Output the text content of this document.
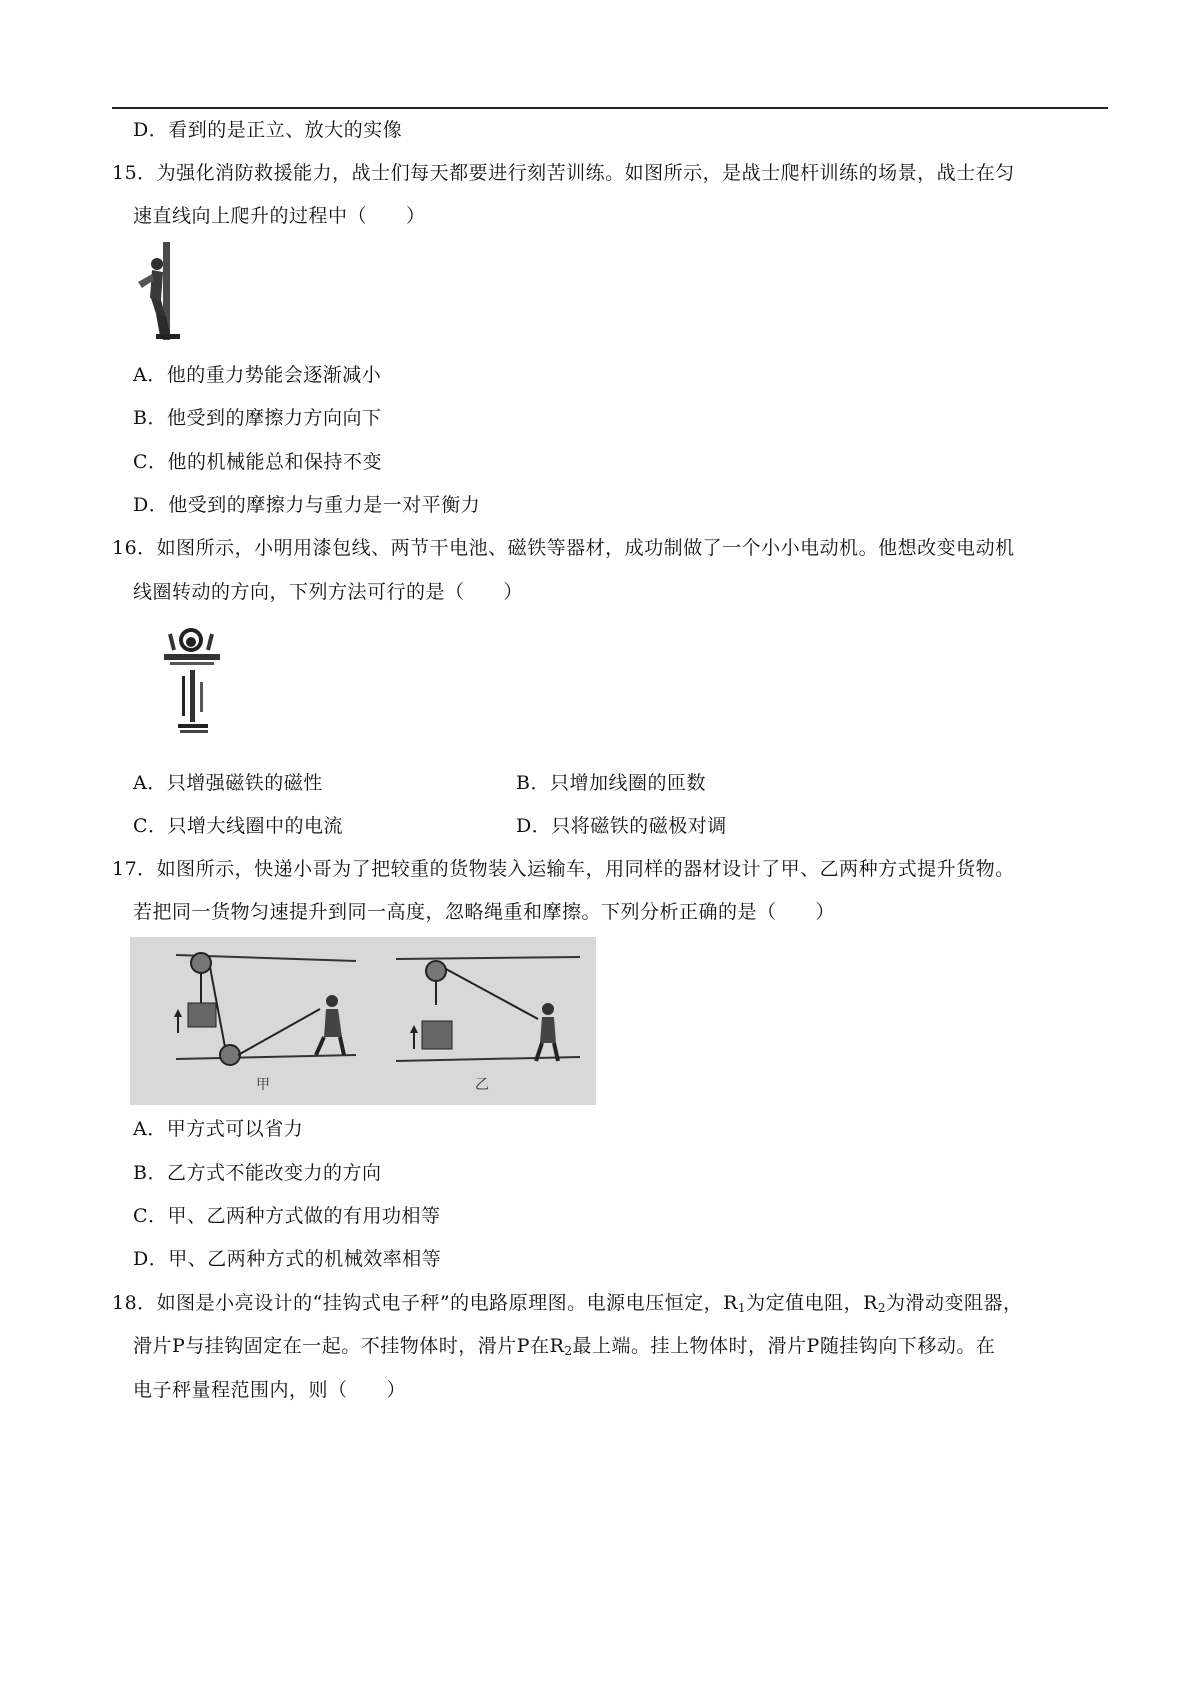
D．看到的是正立、放大的实像
15．为强化消防救援能力，战士们每天都要进行刻苦训练。如图所示，是战士爬杆训练的场景，战士在匀
速直线向上爬升的过程中（　　）
A．他的重力势能会逐渐减小
B．他受到的摩擦力方向向下
C．他的机械能总和保持不变
D．他受到的摩擦力与重力是一对平衡力
16．如图所示，小明用漆包线、两节干电池、磁铁等器材，成功制做了一个小小电动机。他想改变电动机
线圈转动的方向，下列方法可行的是（　　）
A．只增强磁铁的磁性	B．只增加线圈的匝数
C．只增大线圈中的电流	D．只将磁铁的磁极对调
17．如图所示，快递小哥为了把较重的货物装入运输车，用同样的器材设计了甲、乙两种方式提升货物。
若把同一货物匀速提升到同一高度，忽略绳重和摩擦。下列分析正确的是（　　）
甲	乙
A．甲方式可以省力
B．乙方式不能改变力的方向
C．甲、乙两种方式做的有用功相等
D．甲、乙两种方式的机械效率相等
18．如图是小亮设计的“挂钩式电子秤”的电路原理图。电源电压恒定，$R_1$为定值电阻，$R_2$为滑动变阻器，
滑片P与挂钩固定在一起。不挂物体时，滑片P在$R_2$最上端。挂上物体时，滑片P随挂钩向下移动。在
电子秤量程范围内，则（　　）
